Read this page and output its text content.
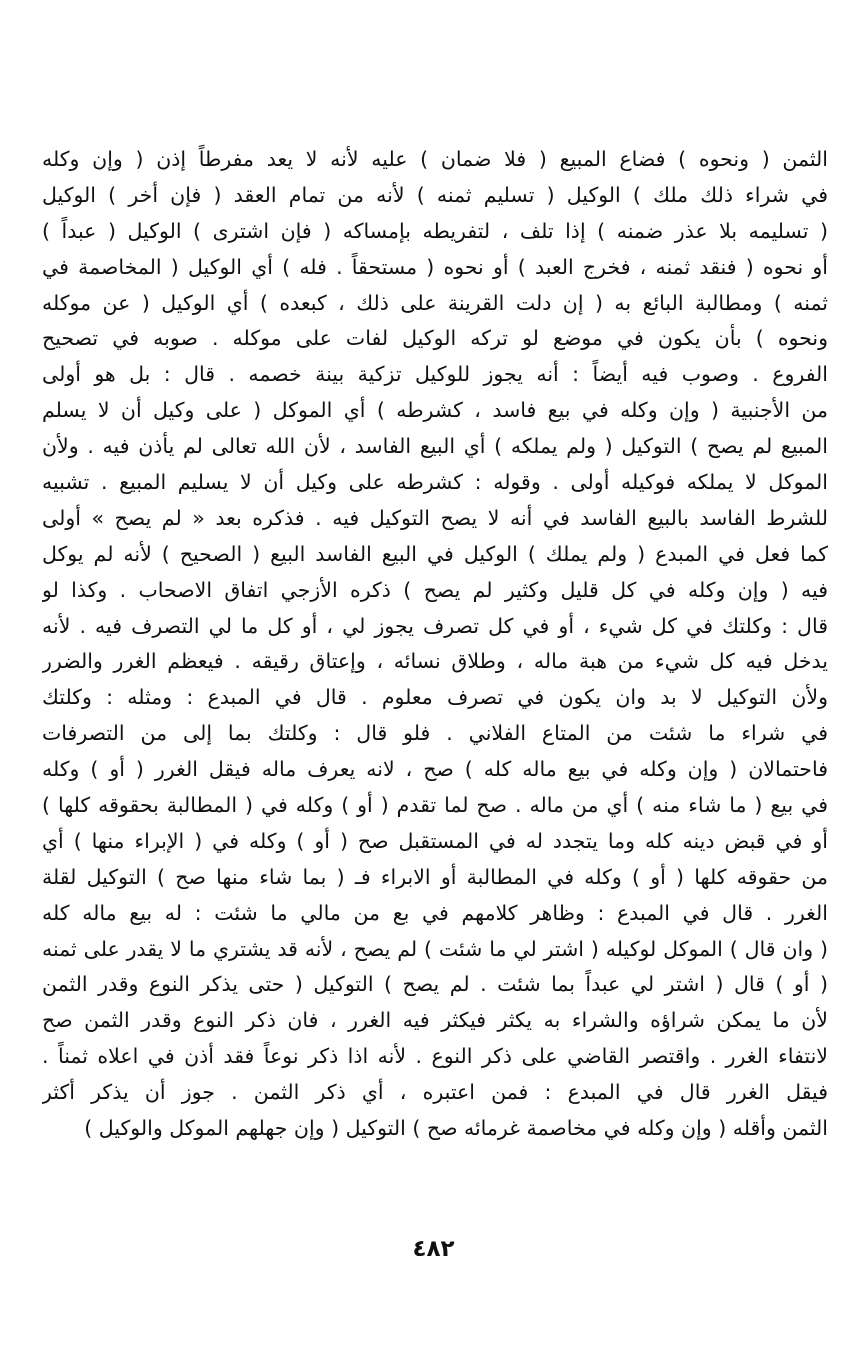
الثمن ( ونحوه ) فضاع المبيع ( فلا ضمان ) عليه لأنه لا يعد مفرطاً إذن ( وإن وكله
في شراء ذلك ملك ) الوكيل ( تسليم ثمنه ) لأنه من تمام العقد ( فإن أخر ) الوكيل
( تسليمه بلا عذر ضمنه ) إذا تلف ، لتفريطه بإمساكه ( فإن اشترى ) الوكيل ( عبداً )
أو نحوه ( فنقد ثمنه ، فخرج العبد ) أو نحوه ( مستحقاً . فله ) أي الوكيل ( المخاصمة في
ثمنه ) ومطالبة البائع به ( إن دلت القرينة على ذلك ، كبعده ) أي الوكيل ( عن موكله
ونحوه ) بأن يكون في موضع لو تركه الوكيل لفات على موكله . صوبه في تصحيح
الفروع . وصوب فيه أيضاً : أنه يجوز للوكيل تزكية بينة خصمه . قال : بل هو أولى
من الأجنبية ( وإن وكله في بيع فاسد ، كشرطه ) أي الموكل ( على وكيل أن لا يسلم
المبيع لم يصح ) التوكيل ( ولم يملكه ) أي البيع الفاسد ، لأن الله تعالى لم يأذن فيه . ولأن
الموكل لا يملكه فوكيله أولى . وقوله : كشرطه على وكيل أن لا يسليم المبيع . تشبيه
للشرط الفاسد بالبيع الفاسد في أنه لا يصح التوكيل فيه . فذكره بعد « لم يصح » أولى
كما فعل في المبدع ( ولم يملك ) الوكيل في البيع الفاسد البيع ( الصحيح ) لأنه لم يوكل
فيه ( وإن وكله في كل قليل وكثير لم يصح ) ذكره الأزجي اتفاق الاصحاب . وكذا لو
قال : وكلتك في كل شيء ، أو في كل تصرف يجوز لي ، أو كل ما لي التصرف فيه . لأنه
يدخل فيه كل شيء من هبة ماله ، وطلاق نسائه ، وإعتاق رقيقه . فيعظم الغرر والضرر
ولأن التوكيل لا بد وان يكون في تصرف معلوم . قال في المبدع : ومثله : وكلتك
في شراء ما شئت من المتاع الفلاني . فلو قال : وكلتك بما إلى من التصرفات
فاحتمالان ( وإن وكله في بيع ماله كله ) صح ، لانه يعرف ماله فيقل الغرر ( أو ) وكله
في بيع ( ما شاء منه ) أي من ماله . صح لما تقدم ( أو ) وكله في ( المطالبة بحقوقه كلها )
أو في قبض دينه كله وما يتجدد له في المستقبل صح ( أو ) وكله في ( الإبراء منها ) أي
من حقوقه كلها ( أو ) وكله في المطالبة أو الابراء فـ ( بما شاء منها صح ) التوكيل لقلة
الغرر . قال في المبدع : وظاهر كلامهم في بع من مالي ما شئت : له بيع ماله كله
( وان قال ) الموكل لوكيله ( اشتر لي ما شئت ) لم يصح ، لأنه قد يشتري ما لا يقدر على ثمنه
( أو ) قال ( اشتر لي عبداً بما شئت . لم يصح ) التوكيل ( حتى يذكر النوع وقدر الثمن
لأن ما يمكن شراؤه والشراء به يكثر فيكثر فيه الغرر ، فان ذكر النوع وقدر الثمن صح
لانتفاء الغرر . واقتصر القاضي على ذكر النوع . لأنه اذا ذكر نوعاً فقد أذن في اعلاه ثمناً .
فيقل الغرر قال في المبدع : فمن اعتبره ، أي ذكر الثمن . جوز أن يذكر أكثر
الثمن وأقله ( وإن وكله في مخاصمة غرمائه صح ) التوكيل ( وإن جهلهم الموكل والوكيل )
٤٨٢
